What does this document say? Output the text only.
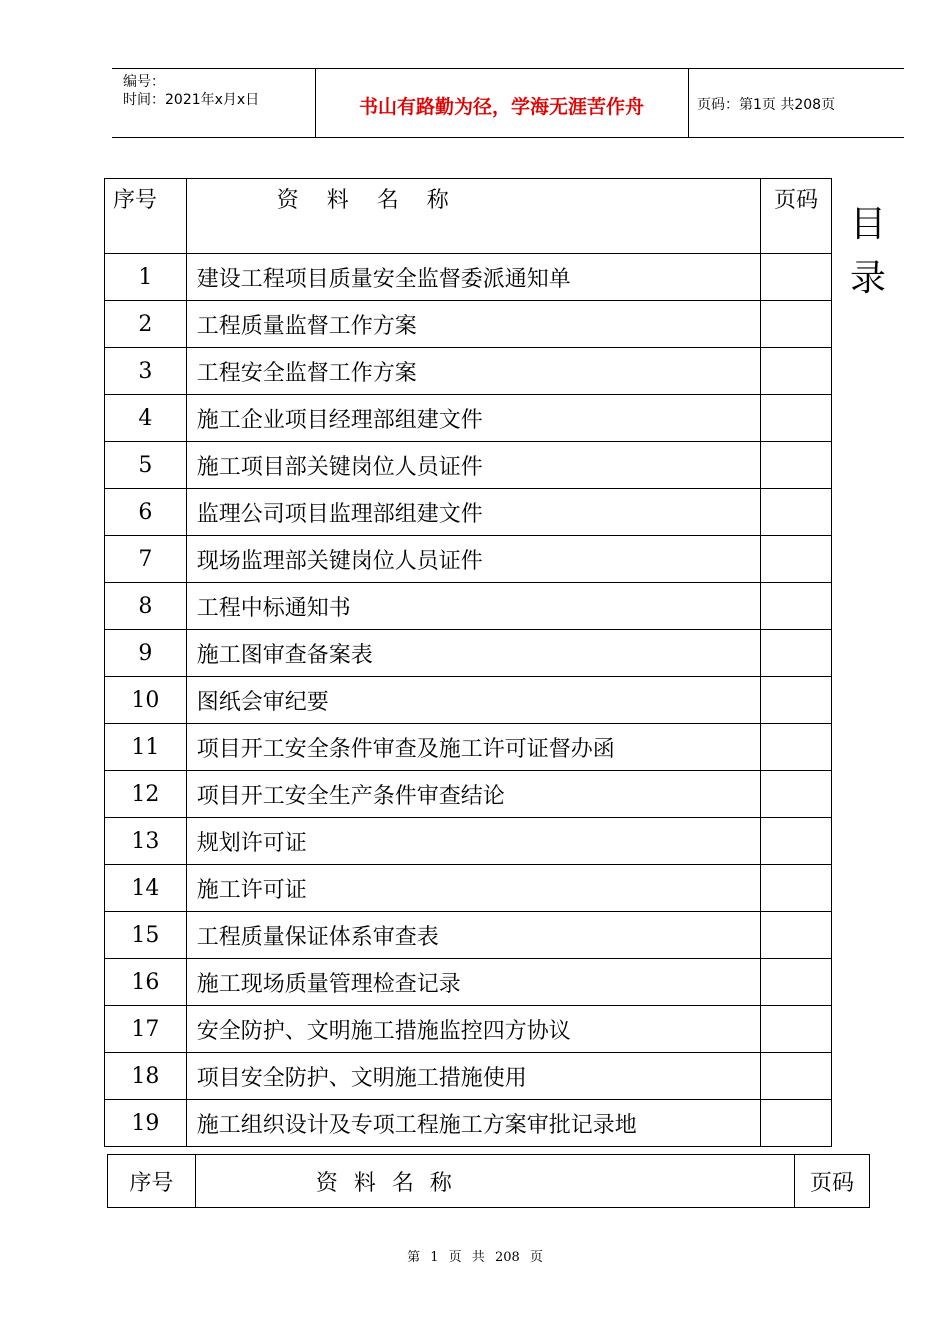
编号：
时间：2021年x月x日	书山有路勤为径，学海无涯苦作舟	页码：第1页 共208页
序号	资料名称	页码
1	建设工程项目质量安全监督委派通知单	
2	工程质量监督工作方案	
3	工程安全监督工作方案	
4	施工企业项目经理部组建文件	
5	施工项目部关键岗位人员证件	
6	监理公司项目监理部组建文件	
7	现场监理部关键岗位人员证件	
8	工程中标通知书	
9	施工图审查备案表	
10	图纸会审纪要	
11	项目开工安全条件审查及施工许可证督办函	
12	项目开工安全生产条件审查结论	
13	规划许可证	
14	施工许可证	
15	工程质量保证体系审查表	
16	施工现场质量管理检查记录	
17	安全防护、文明施工措施监控四方协议	
18	项目安全防护、文明施工措施使用	
19	施工组织设计及专项工程施工方案审批记录地	
目
录
序号	资料名称	页码
第 1 页 共 208 页
